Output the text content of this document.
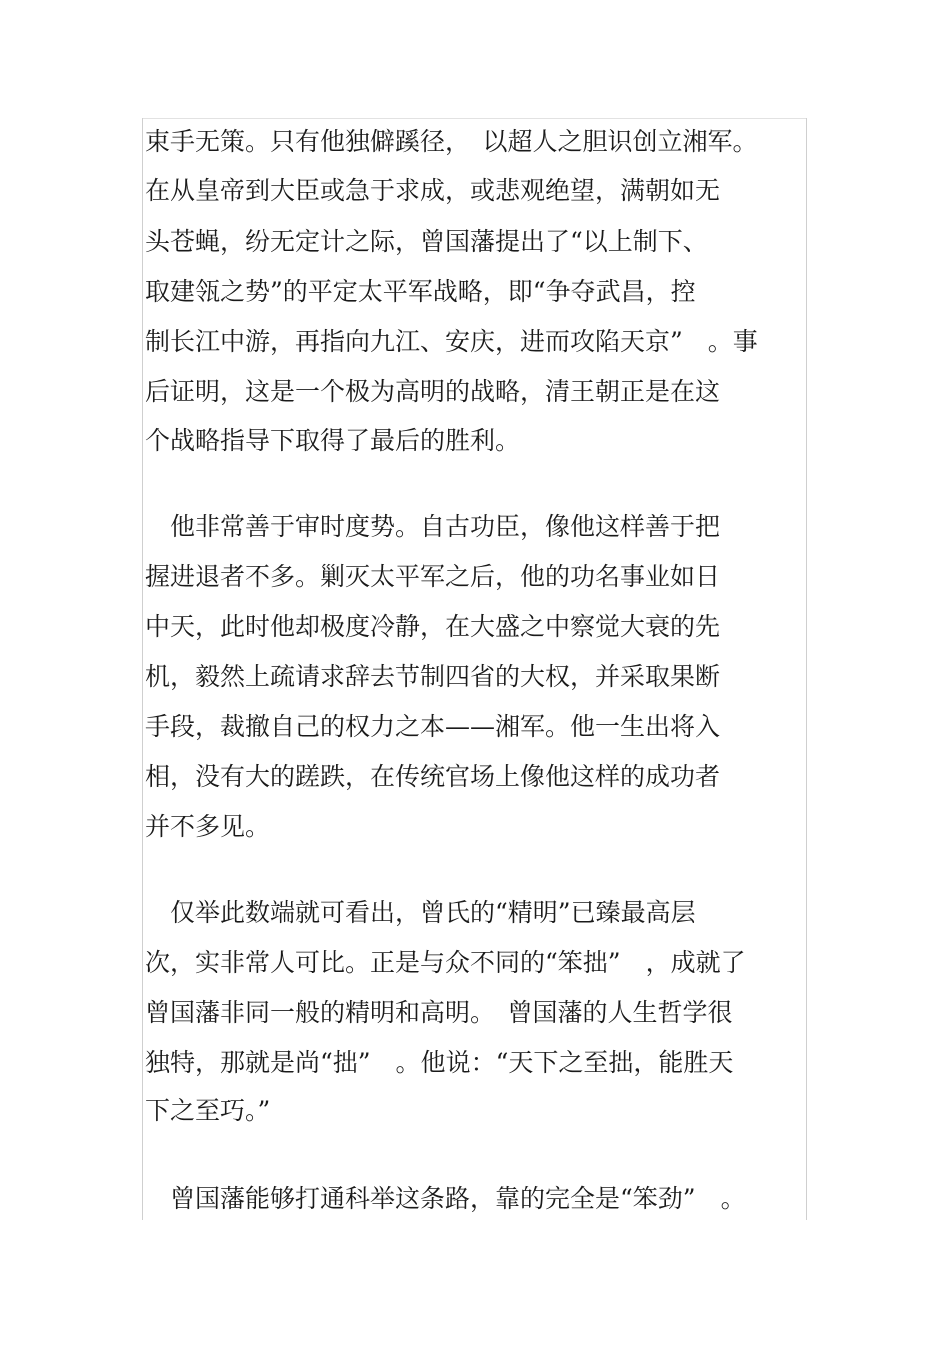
束手无策。只有他独僻蹊径，　以超人之胆识创立湘军。

在从皇帝到大臣或急于求成，或悲观绝望，满朝如无

头苍蝇，纷无定计之际，曾国藩提出了“以上制下、

取建瓴之势”的平定太平军战略，即“争夺武昌，控

制长江中游，再指向九江、安庆，进而攻陷天京”　。事

后证明，这是一个极为高明的战略，清王朝正是在这

个战略指导下取得了最后的胜利。

　他非常善于审时度势。自古功臣，像他这样善于把

握进退者不多。剿灭太平军之后，他的功名事业如日

中天，此时他却极度冷静，在大盛之中察觉大衰的先

机，毅然上疏请求辞去节制四省的大权，并采取果断

手段，裁撤自己的权力之本——湘军。他一生出将入

相，没有大的蹉跌，在传统官场上像他这样的成功者

并不多见。

　仅举此数端就可看出，曾氏的“精明”已臻最高层

次，实非常人可比。正是与众不同的“笨拙”　，成就了

曾国藩非同一般的精明和高明。　曾国藩的人生哲学很

独特，那就是尚“拙”　。他说：“天下之至拙，能胜天

下之至巧。”

　曾国藩能够打通科举这条路，靠的完全是“笨劲”　。
